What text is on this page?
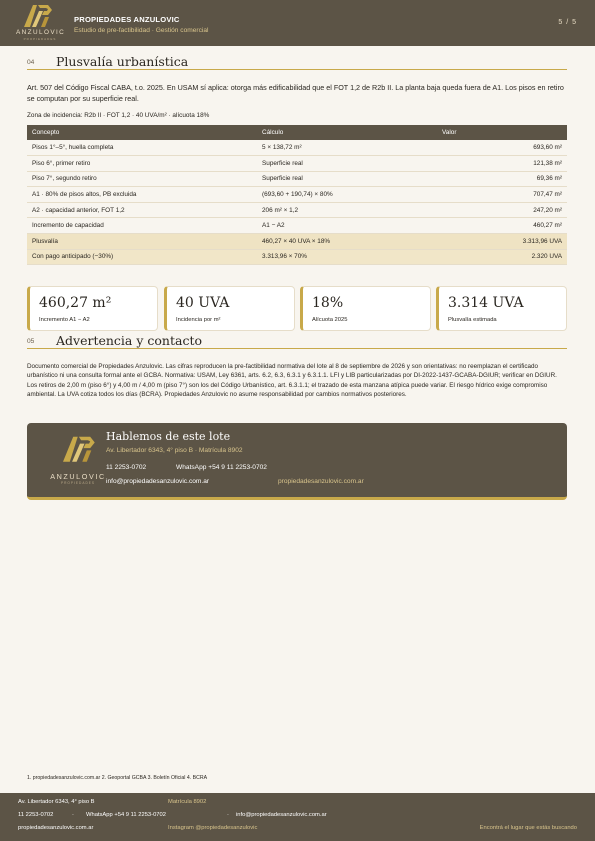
ANZULOVIC
PROPIEDADES
PROPIEDADES ANZULOVIC
Estudio de pre-factibilidad · Gestión comercial
5 / 5
04 Plusvalía urbanística
Art. 507 del Código Fiscal CABA, t.o. 2025. En USAM sí aplica: otorga más edificabilidad que el FOT 1,2 de R2b II. La planta baja queda fuera de A1. Los pisos en retiro se computan por su superficie real.
Zona de incidencia: R2b II · FOT 1,2 · 40 UVA/m² · alícuota 18%
Concepto	Cálculo	Valor
Pisos 1°–5°, huella completa	5 × 138,72 m²	693,60 m²
Piso 6°, primer retiro	Superficie real	121,38 m²
Piso 7°, segundo retiro	Superficie real	69,36 m²
A1 · 80% de pisos altos, PB excluida	(693,60 + 190,74) × 80%	707,47 m²
A2 · capacidad anterior, FOT 1,2	206 m² × 1,2	247,20 m²
Incremento de capacidad	A1 − A2	460,27 m²
Plusvalía	460,27 × 40 UVA × 18%	3.313,96 UVA
Con pago anticipado (−30%)	3.313,96 × 70%	2.320 UVA
460,27 m²
Incremento A1 − A2
40 UVA
Incidencia por m²
18%
Alícuota 2025
3.314 UVA
Plusvalía estimada
05 Advertencia y contacto
Documento comercial de Propiedades Anzulovic. Las cifras reproducen la pre-factibilidad normativa del lote al 8 de septiembre de 2026 y son orientativas: no reemplazan el certificado urbanístico ni una consulta formal ante el GCBA. Normativa: USAM, Ley 6361, arts. 6.2, 6.3, 6.3.1 y 6.3.1.1. LFI y LIB particularizadas por DI-2022-1437-GCABA-DGIUR; verificar en DGIUR. Los retiros de 2,00 m (piso 6°) y 4,00 m / 4,00 m (piso 7°) son los del Código Urbanístico, art. 6.3.1.1; el trazado de esta manzana atípica puede variar. El riesgo hídrico exige compromiso ambiental. La UVA cotiza todos los días (BCRA). Propiedades Anzulovic no asume responsabilidad por cambios normativos posteriores.
ANZULOVIC
PROPIEDADES
Hablemos de este lote
Av. Libertador 6343, 4° piso B · Matrícula 8902
11 2253-0702	WhatsApp +54 9 11 2253-0702
info@propiedadesanzulovic.com.ar	propiedadesanzulovic.com.ar
1. propiedadesanzulovic.com.ar 2. Geoportal GCBA 3. Boletín Oficial 4. BCRA
Av. Libertador 6343, 4° piso B	Matrícula 8902
11 2253-0702	· WhatsApp +54 9 11 2253-0702	· info@propiedadesanzulovic.com.ar
propiedadesanzulovic.com.ar	Instagram @propiedadesanzulovic	Encontrá el lugar que estás buscando
